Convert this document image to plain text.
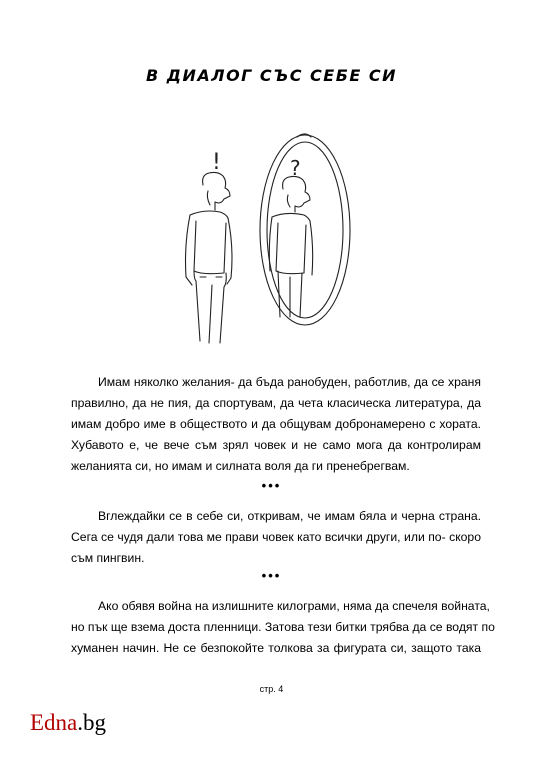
В ДИАЛОГ СЪС СЕБЕ СИ
!	?
Имам няколко желания- да бъда ранобуден, работлив, да се храня
правилно, да не пия, да спортувам, да чета класическа литература, да
имам добро име в обществото и да общувам добронамерено с хората.
Хубавото е, че вече съм зрял човек и не само мога да контролирам
желанията си, но имам и силната воля да ги пренебрегвам.
•••
Вглеждайки се в себе си, откривам, че имам бяла и черна страна.
Сега се чудя дали това ме прави човек като всички други, или по- скоро
съм пингвин.
•••
Ако обявя война на излишните килограми, няма да спечеля войната,
но пък ще взема доста пленници. Затова тези битки трябва да се водят по
хуманен начин. Не се безпокойте толкова за фигурата си, защото така
стр. 4
Edna.bg
